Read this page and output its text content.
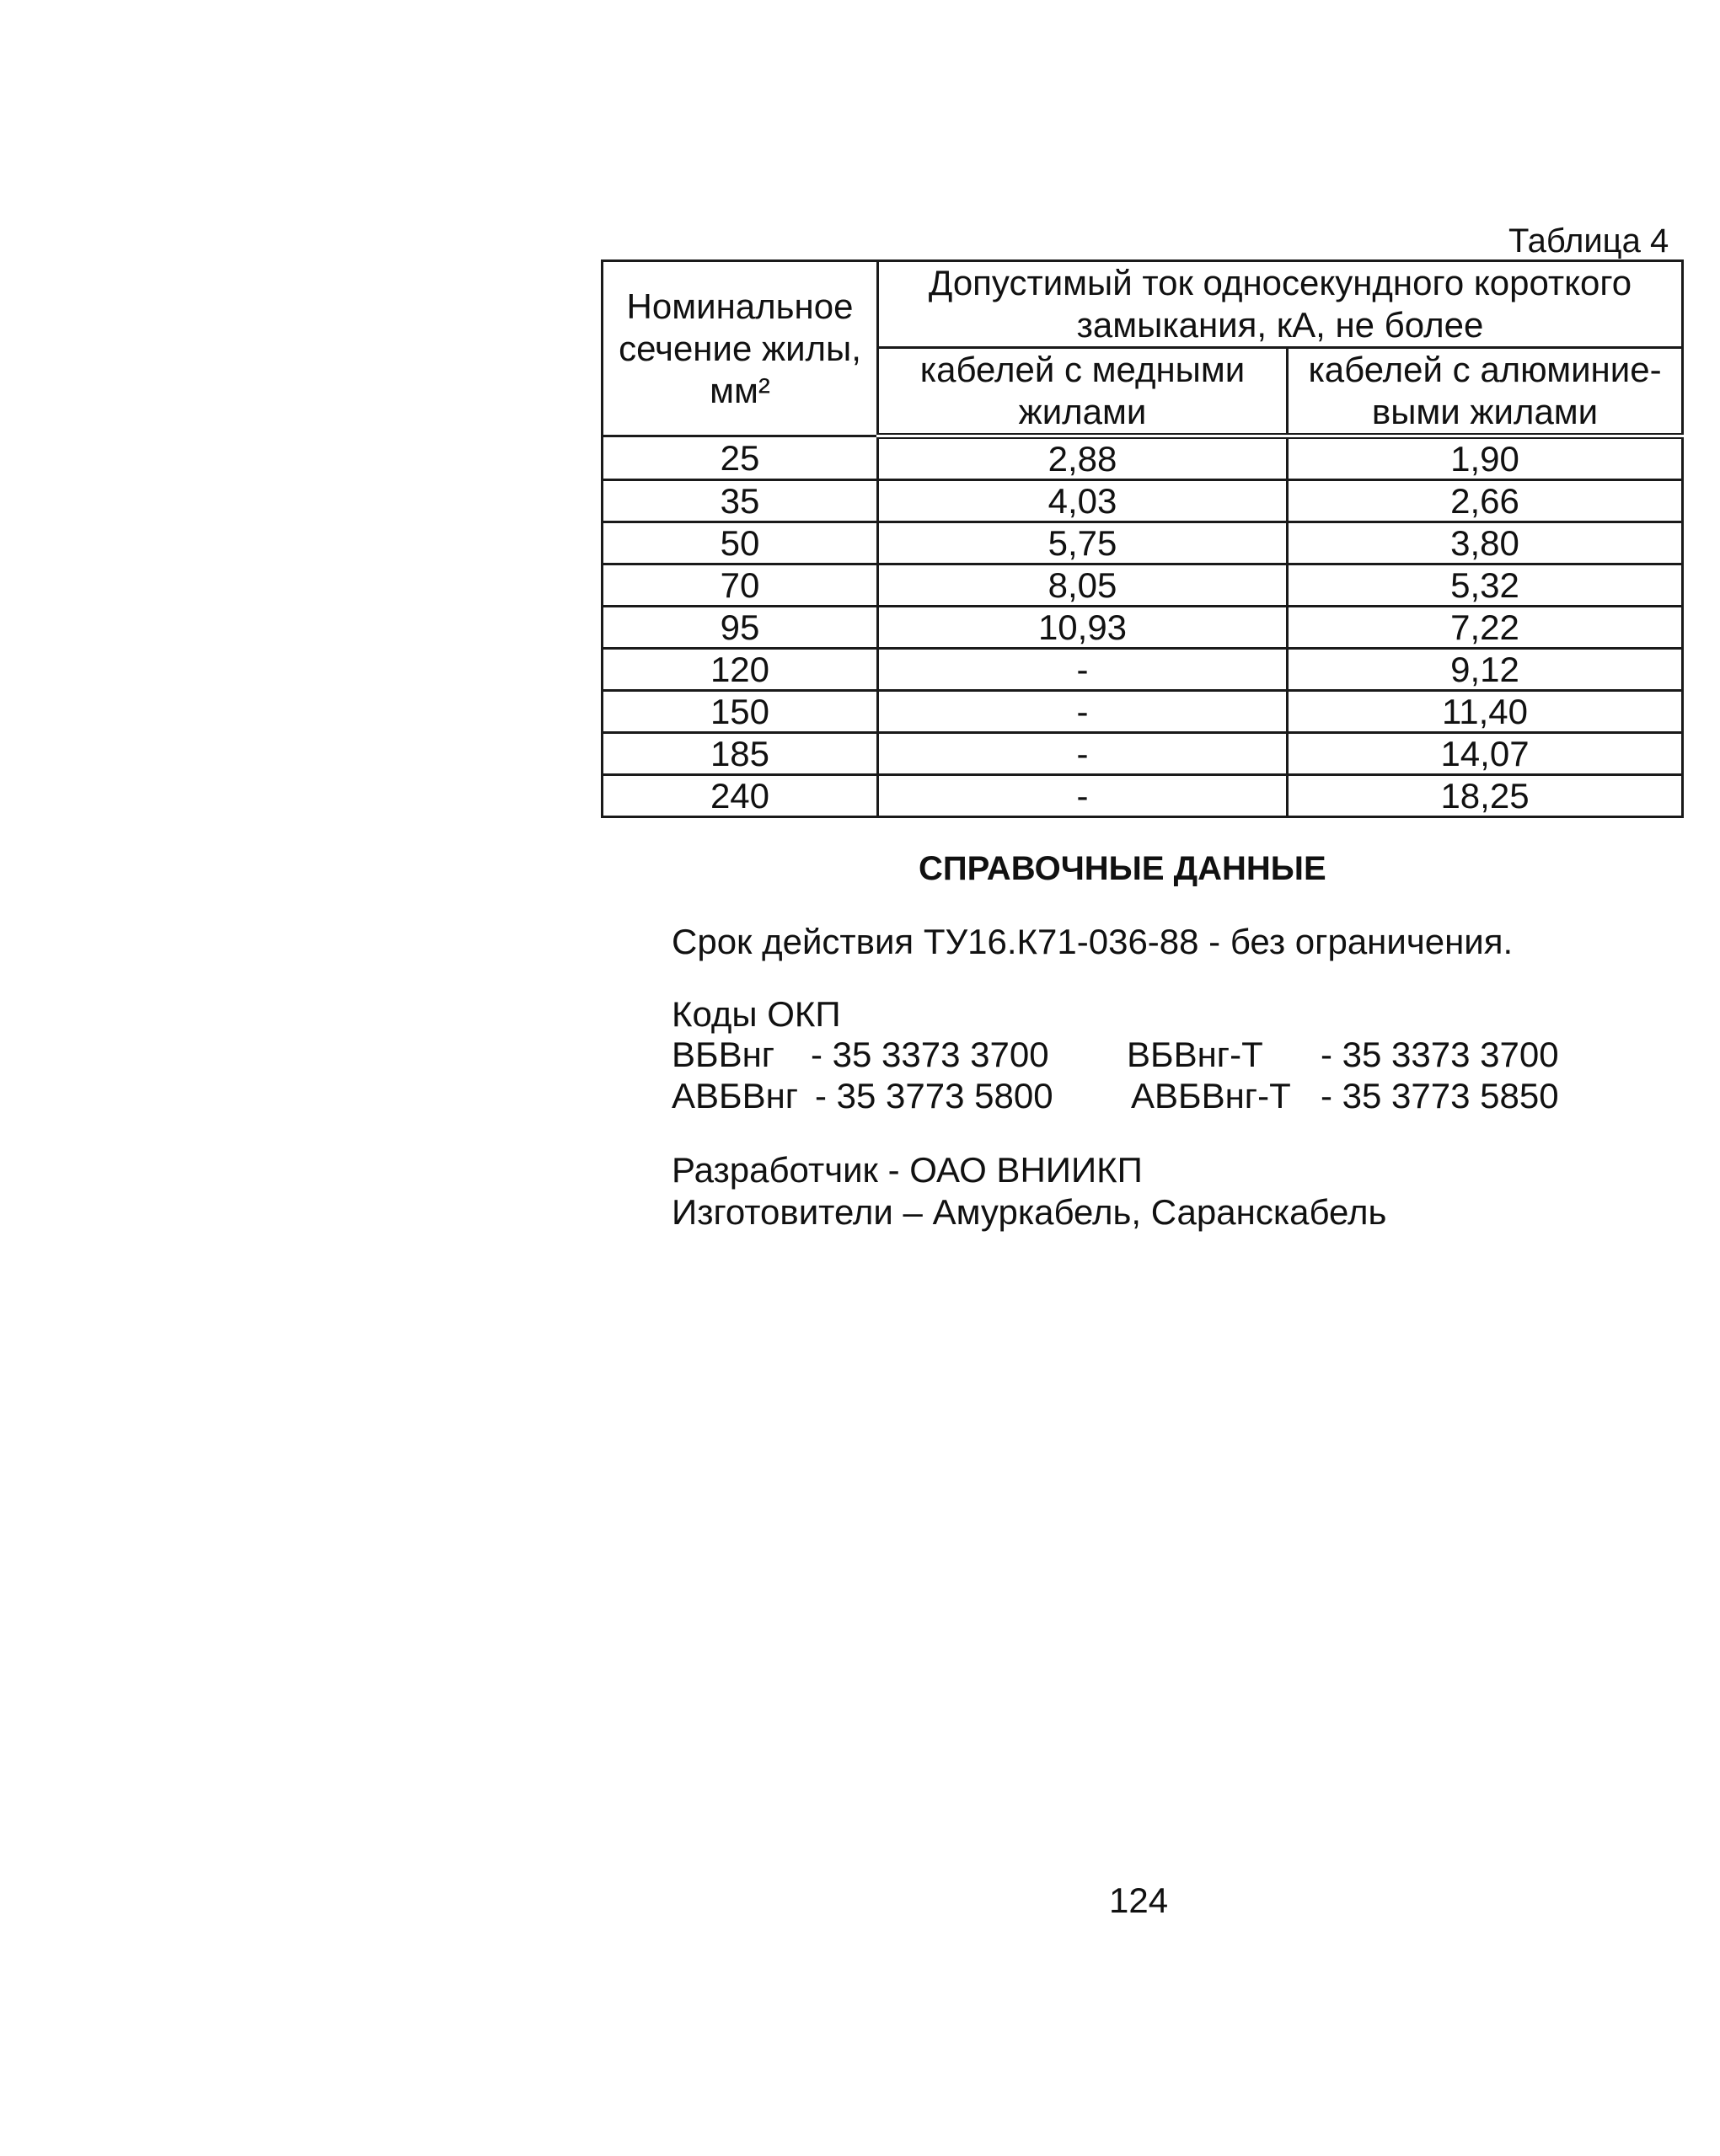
Таблица 4
Номинальное сечение жилы, мм²	Допустимый ток односекундного короткого замыкания, кА, не более	
	кабелей с медными жилами	кабелей с алюминие-выми жилами
25	2,88	1,90
35	4,03	2,66
50	5,75	3,80
70	8,05	5,32
95	10,93	7,22
120	-	9,12
150	-	11,40
185	-	14,07
240	-	18,25
СПРАВОЧНЫЕ ДАННЫЕ
Срок действия ТУ16.К71-036-88 - без ограничения.
Коды ОКП
ВБВнг - 35 3373 3700 ВБВнг-Т - 35 3373 3700
АВБВнг - 35 3773 5800 АВБВнг-Т - 35 3773 5850
Разработчик - ОАО ВНИИКП
Изготовители – Амуркабель, Саранскабель
124
